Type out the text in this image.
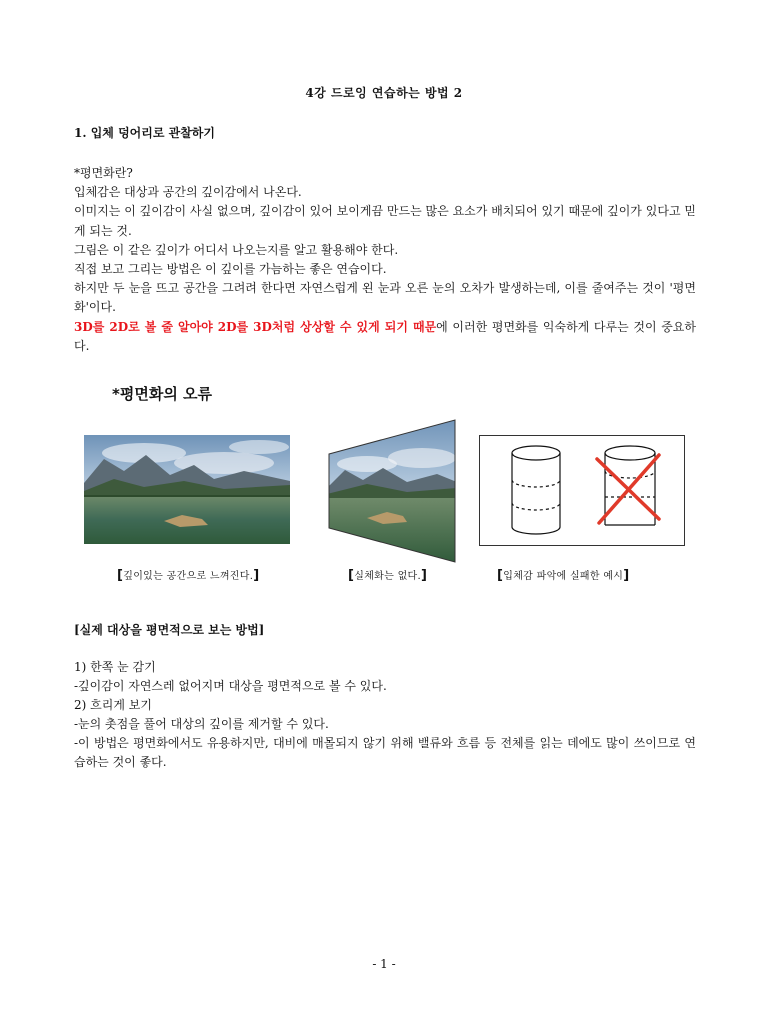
4강 드로잉 연습하는 방법 2
1. 입체 덩어리로 관찰하기

*평면화란?

입체감은 대상과 공간의 깊이감에서 나온다.

이미지는 이 깊이감이 사실 없으며, 깊이감이 있어 보이게끔 만드는 많은 요소가 배치되어 있기 때문에 깊이가 있다고 믿게 되는 것.

그림은 이 같은 깊이가 어디서 나오는지를 알고 활용해야 한다.

직접 보고 그리는 방법은 이 깊이를 가늠하는 좋은 연습이다.

하지만 두 눈을 뜨고 공간을 그려려 한다면 자연스럽게 왼 눈과 오른 눈의 오차가 발생하는데, 이를 줄여주는 것이 '평면화'이다.

3D를 2D로 볼 줄 알아야 2D를 3D처럼 상상할 수 있게 되기 때문에 이러한 평면화를 익숙하게 다루는 것이 중요하다.

*평면화의 오류
[깊이있는 공간으로 느껴진다.]	[실체화는 없다.]	[입체감 파악에 실패한 예시]
[실제 대상을 평면적으로 보는 방법]

1) 한쪽 눈 감기

-깊이감이 자연스레 없어지며 대상을 평면적으로 볼 수 있다.

2) 흐리게 보기

-눈의 촛점을 풀어 대상의 깊이를 제거할 수 있다.

-이 방법은 평면화에서도 유용하지만, 대비에 매몰되지 않기 위해 밸류와 흐름 등 전체를 읽는 데에도 많이 쓰이므로 연습하는 것이 좋다.

- 1 -
